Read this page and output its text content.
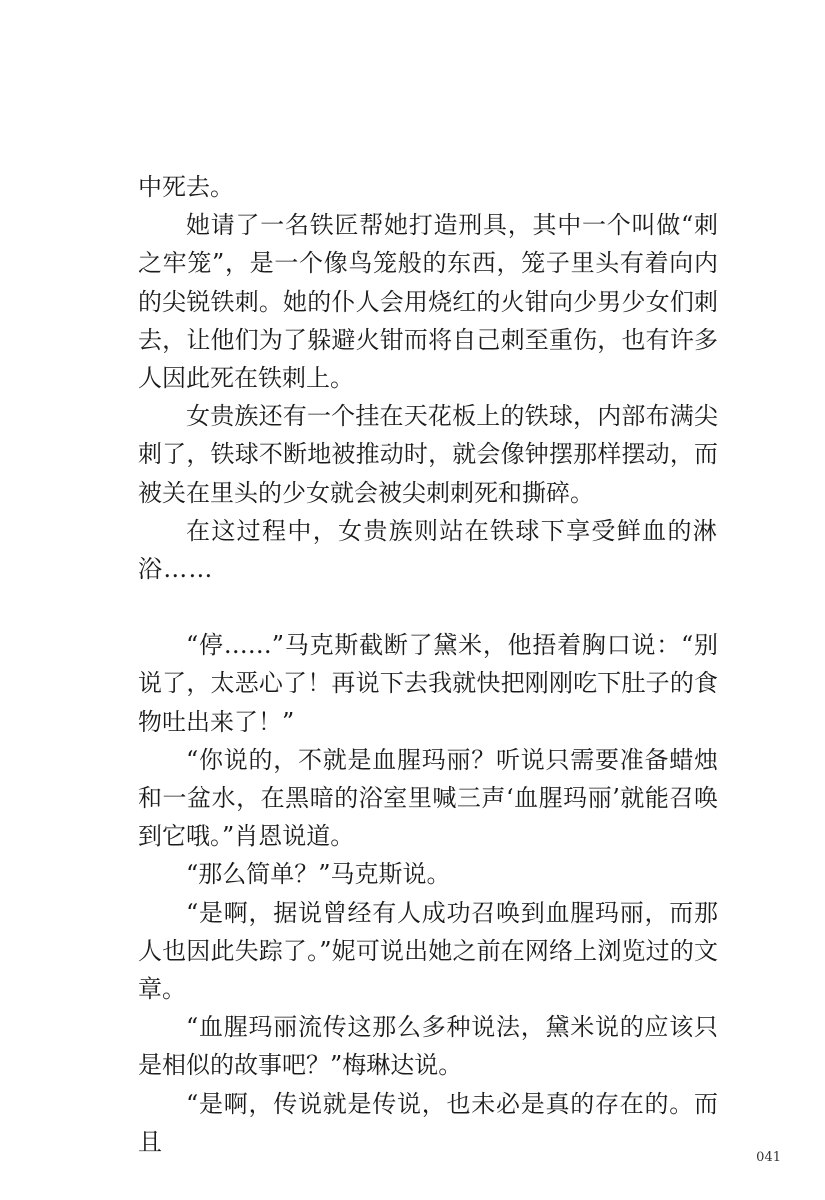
中死去。

她请了一名铁匠帮她打造刑具，其中一个叫做“刺之牢笼”，是一个像鸟笼般的东西，笼子里头有着向内的尖锐铁刺。她的仆人会用烧红的火钳向少男少女们刺去，让他们为了躲避火钳而将自己刺至重伤，也有许多人因此死在铁刺上。

女贵族还有一个挂在天花板上的铁球，内部布满尖刺了，铁球不断地被推动时，就会像钟摆那样摆动，而被关在里头的少女就会被尖刺刺死和撕碎。

在这过程中，女贵族则站在铁球下享受鲜血的淋浴……

“停……”马克斯截断了黛米，他捂着胸口说：“别说了，太恶心了！再说下去我就快把刚刚吃下肚子的食物吐出来了！”

“你说的，不就是血腥玛丽？听说只需要准备蜡烛和一盆水，在黑暗的浴室里喊三声‘血腥玛丽’就能召唤到它哦。”肖恩说道。

“那么简单？”马克斯说。

“是啊，据说曾经有人成功召唤到血腥玛丽，而那人也因此失踪了。”妮可说出她之前在网络上浏览过的文章。

“血腥玛丽流传这那么多种说法，黛米说的应该只是相似的故事吧？”梅琳达说。

“是啊，传说就是传说，也未必是真的存在的。而且

041
